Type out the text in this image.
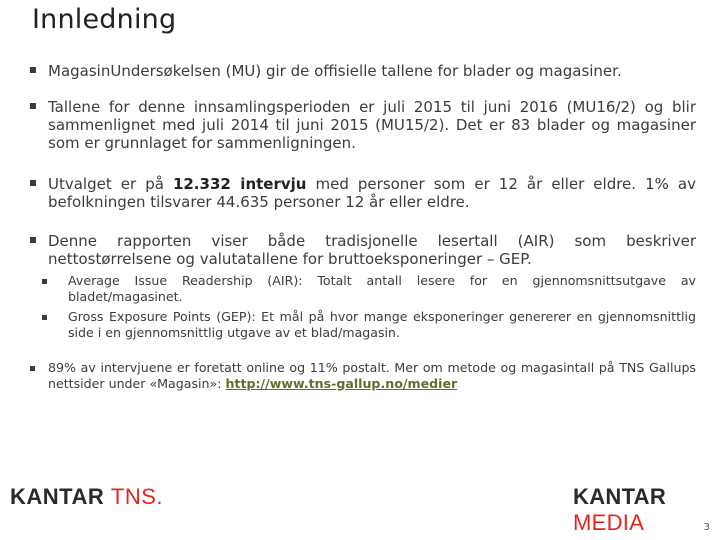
Innledning
MagasinUndersøkelsen (MU) gir de offisielle tallene for blader og magasiner.
Tallene for denne innsamlingsperioden er juli 2015 til juni 2016 (MU16/2) og blir sammenlignet med juli 2014 til juni 2015 (MU15/2). Det er 83 blader og magasiner som er grunnlaget for sammenligningen.
Utvalget er på 12.332 intervju med personer som er 12 år eller eldre. 1% av befolkningen tilsvarer 44.635 personer 12 år eller eldre.
Denne rapporten viser både tradisjonelle lesertall (AIR) som beskriver nettostørrelsene og valutatallene for bruttoeksponeringer – GEP.
Average Issue Readership (AIR): Totalt antall lesere for en gjennomsnittsutgave av bladet/magasinet.
Gross Exposure Points (GEP): Et mål på hvor mange eksponeringer genererer en gjennomsnittlig side i en gjennomsnittlig utgave av et blad/magasin.
89% av intervjuene er foretatt online og 11% postalt. Mer om metode og magasintall på TNS Gallups nettsider under «Magasin»: http://www.tns-gallup.no/medier
KANTAR TNS.	KANTAR MEDIA	3
